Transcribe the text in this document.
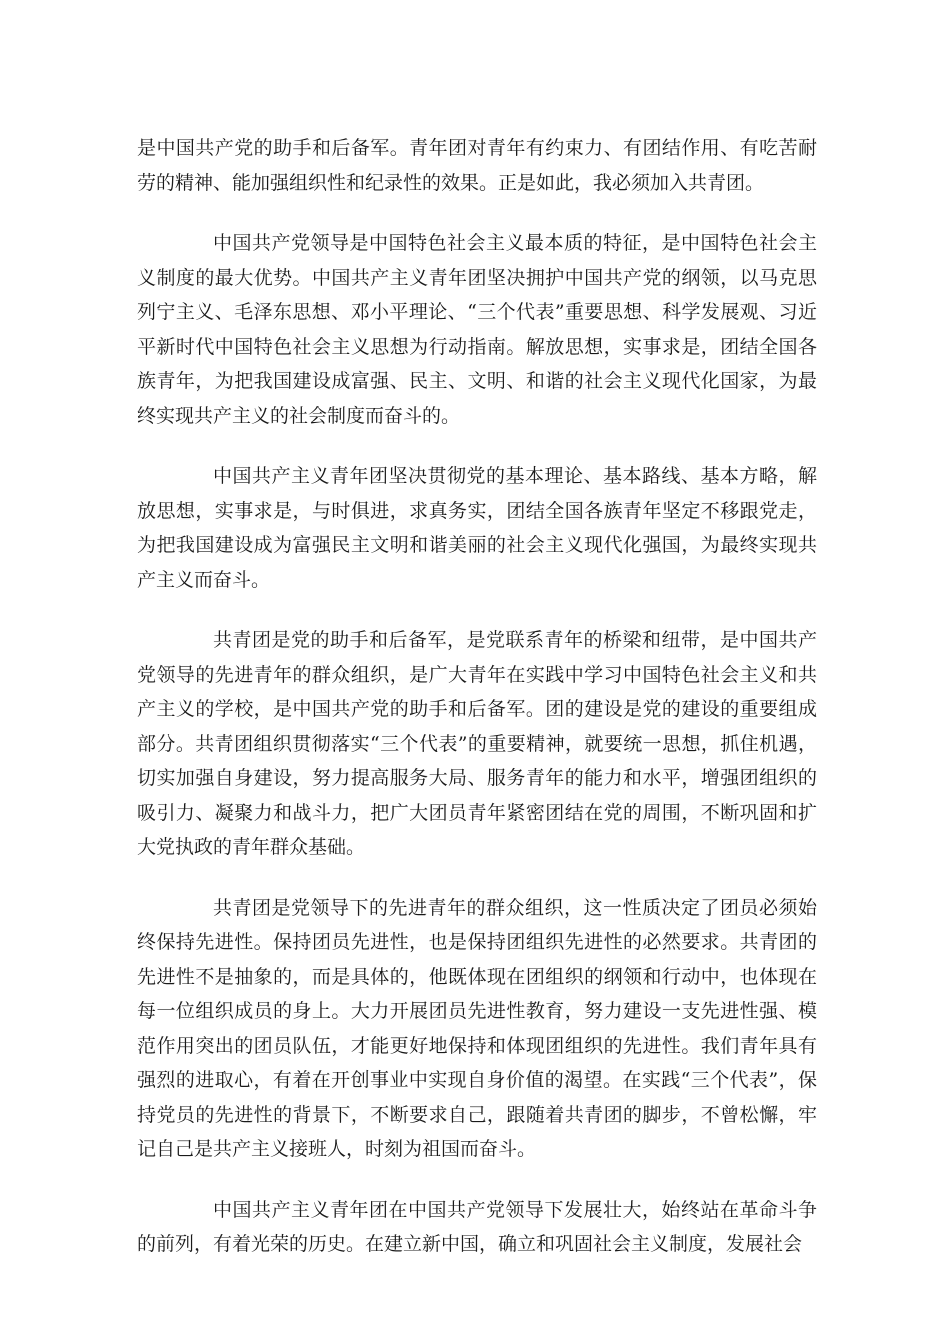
是中国共产党的助手和后备军。青年团对青年有约束力、有团结作用、有吃苦耐劳的精神、能加强组织性和纪录性的效果。正是如此，我必须加入共青团。

中国共产党领导是中国特色社会主义最本质的特征，是中国特色社会主义制度的最大优势。中国共产主义青年团坚决拥护中国共产党的纲领，以马克思列宁主义、毛泽东思想、邓小平理论、“三个代表”重要思想、科学发展观、习近平新时代中国特色社会主义思想为行动指南。解放思想，实事求是，团结全国各族青年，为把我国建设成富强、民主、文明、和谐的社会主义现代化国家，为最终实现共产主义的社会制度而奋斗的。

中国共产主义青年团坚决贯彻党的基本理论、基本路线、基本方略，解放思想，实事求是，与时俱进，求真务实，团结全国各族青年坚定不移跟党走，为把我国建设成为富强民主文明和谐美丽的社会主义现代化强国，为最终实现共产主义而奋斗。

共青团是党的助手和后备军，是党联系青年的桥梁和纽带，是中国共产党领导的先进青年的群众组织，是广大青年在实践中学习中国特色社会主义和共产主义的学校，是中国共产党的助手和后备军。团的建设是党的建设的重要组成部分。共青团组织贯彻落实“三个代表”的重要精神，就要统一思想，抓住机遇，切实加强自身建设，努力提高服务大局、服务青年的能力和水平，增强团组织的吸引力、凝聚力和战斗力，把广大团员青年紧密团结在党的周围，不断巩固和扩大党执政的青年群众基础。

共青团是党领导下的先进青年的群众组织，这一性质决定了团员必须始终保持先进性。保持团员先进性，也是保持团组织先进性的必然要求。共青团的先进性不是抽象的，而是具体的，他既体现在团组织的纲领和行动中，也体现在每一位组织成员的身上。大力开展团员先进性教育，努力建设一支先进性强、模范作用突出的团员队伍，才能更好地保持和体现团组织的先进性。我们青年具有强烈的进取心，有着在开创事业中实现自身价值的渴望。在实践“三个代表”，保持党员的先进性的背景下，不断要求自己，跟随着共青团的脚步，不曾松懈，牢记自己是共产主义接班人，时刻为祖国而奋斗。

中国共产主义青年团在中国共产党领导下发展壮大，始终站在革命斗争的前列，有着光荣的历史。在建立新中国，确立和巩固社会主义制度，发展社会
